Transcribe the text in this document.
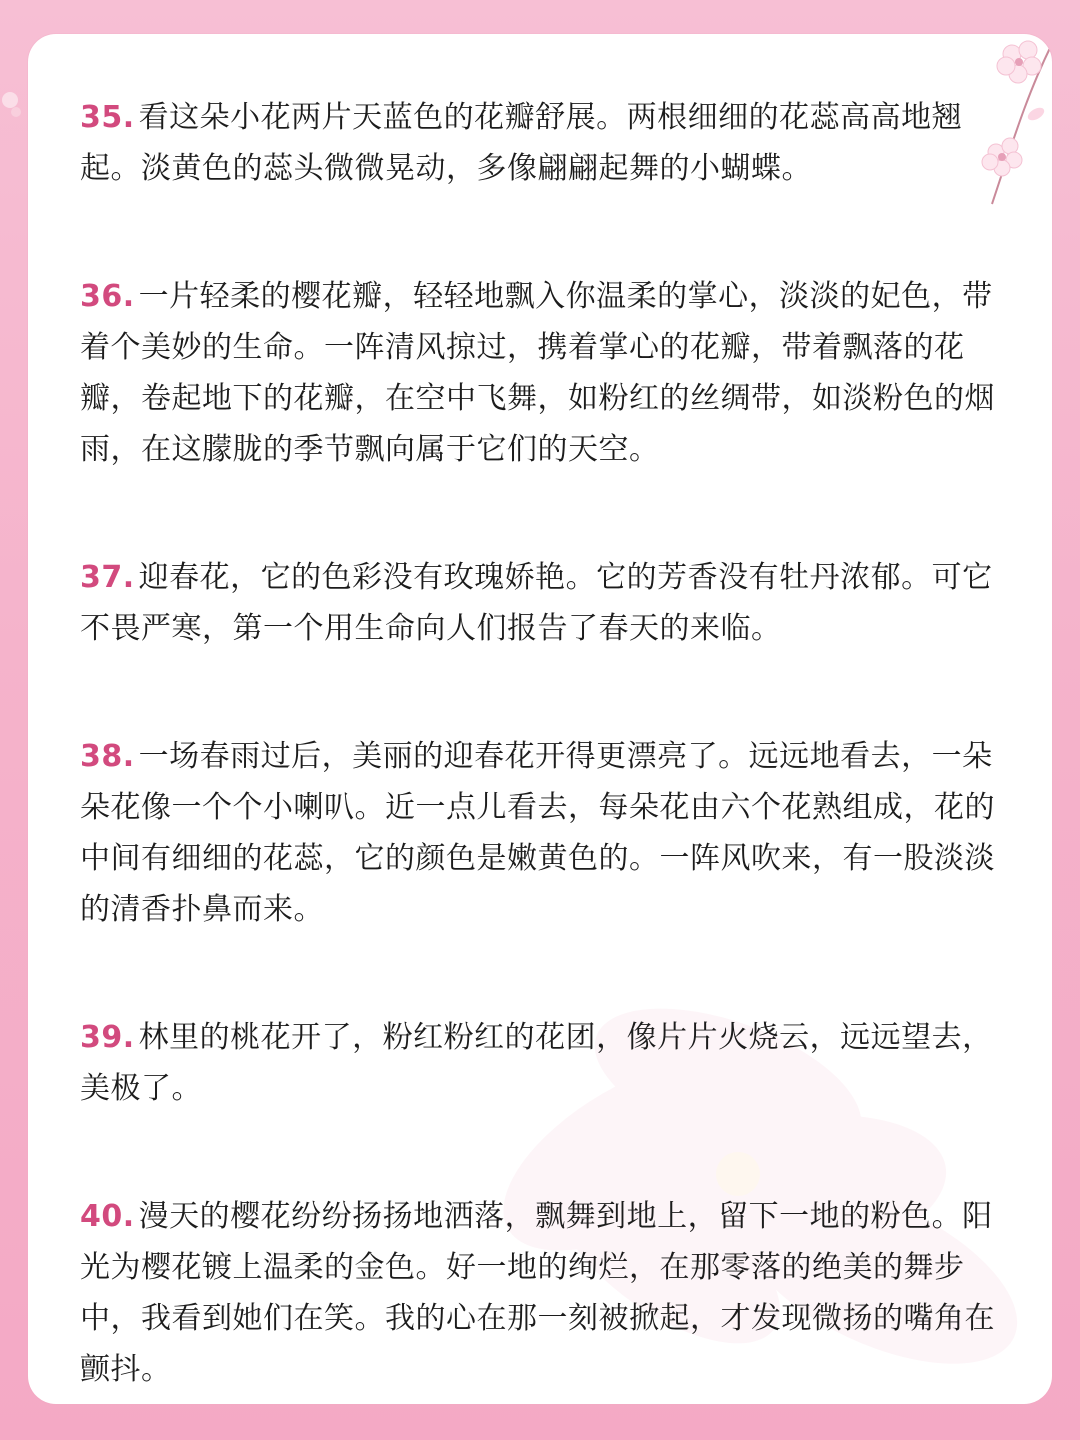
35. 看这朵小花两片天蓝色的花瓣舒展。两根细细的花蕊高高地翘起。淡黄色的蕊头微微晃动，多像翩翩起舞的小蝴蝶。
36. 一片轻柔的樱花瓣，轻轻地飘入你温柔的掌心，淡淡的妃色，带着个美妙的生命。一阵清风掠过，携着掌心的花瓣，带着飘落的花瓣，卷起地下的花瓣，在空中飞舞，如粉红的丝绸带，如淡粉色的烟雨，在这朦胧的季节飘向属于它们的天空。
37. 迎春花，它的色彩没有玫瑰娇艳。它的芳香没有牡丹浓郁。可它不畏严寒，第一个用生命向人们报告了春天的来临。
38. 一场春雨过后，美丽的迎春花开得更漂亮了。远远地看去，一朵朵花像一个个小喇叭。近一点儿看去，每朵花由六个花熟组成，花的中间有细细的花蕊，它的颜色是嫩黄色的。一阵风吹来，有一股淡淡的清香扑鼻而来。
39. 林里的桃花开了，粉红粉红的花团，像片片火烧云，远远望去，美极了。
40. 漫天的樱花纷纷扬扬地洒落，飘舞到地上，留下一地的粉色。阳光为樱花镀上温柔的金色。好一地的绚烂，在那零落的绝美的舞步中，我看到她们在笑。我的心在那一刻被掀起，才发现微扬的嘴角在颤抖。
